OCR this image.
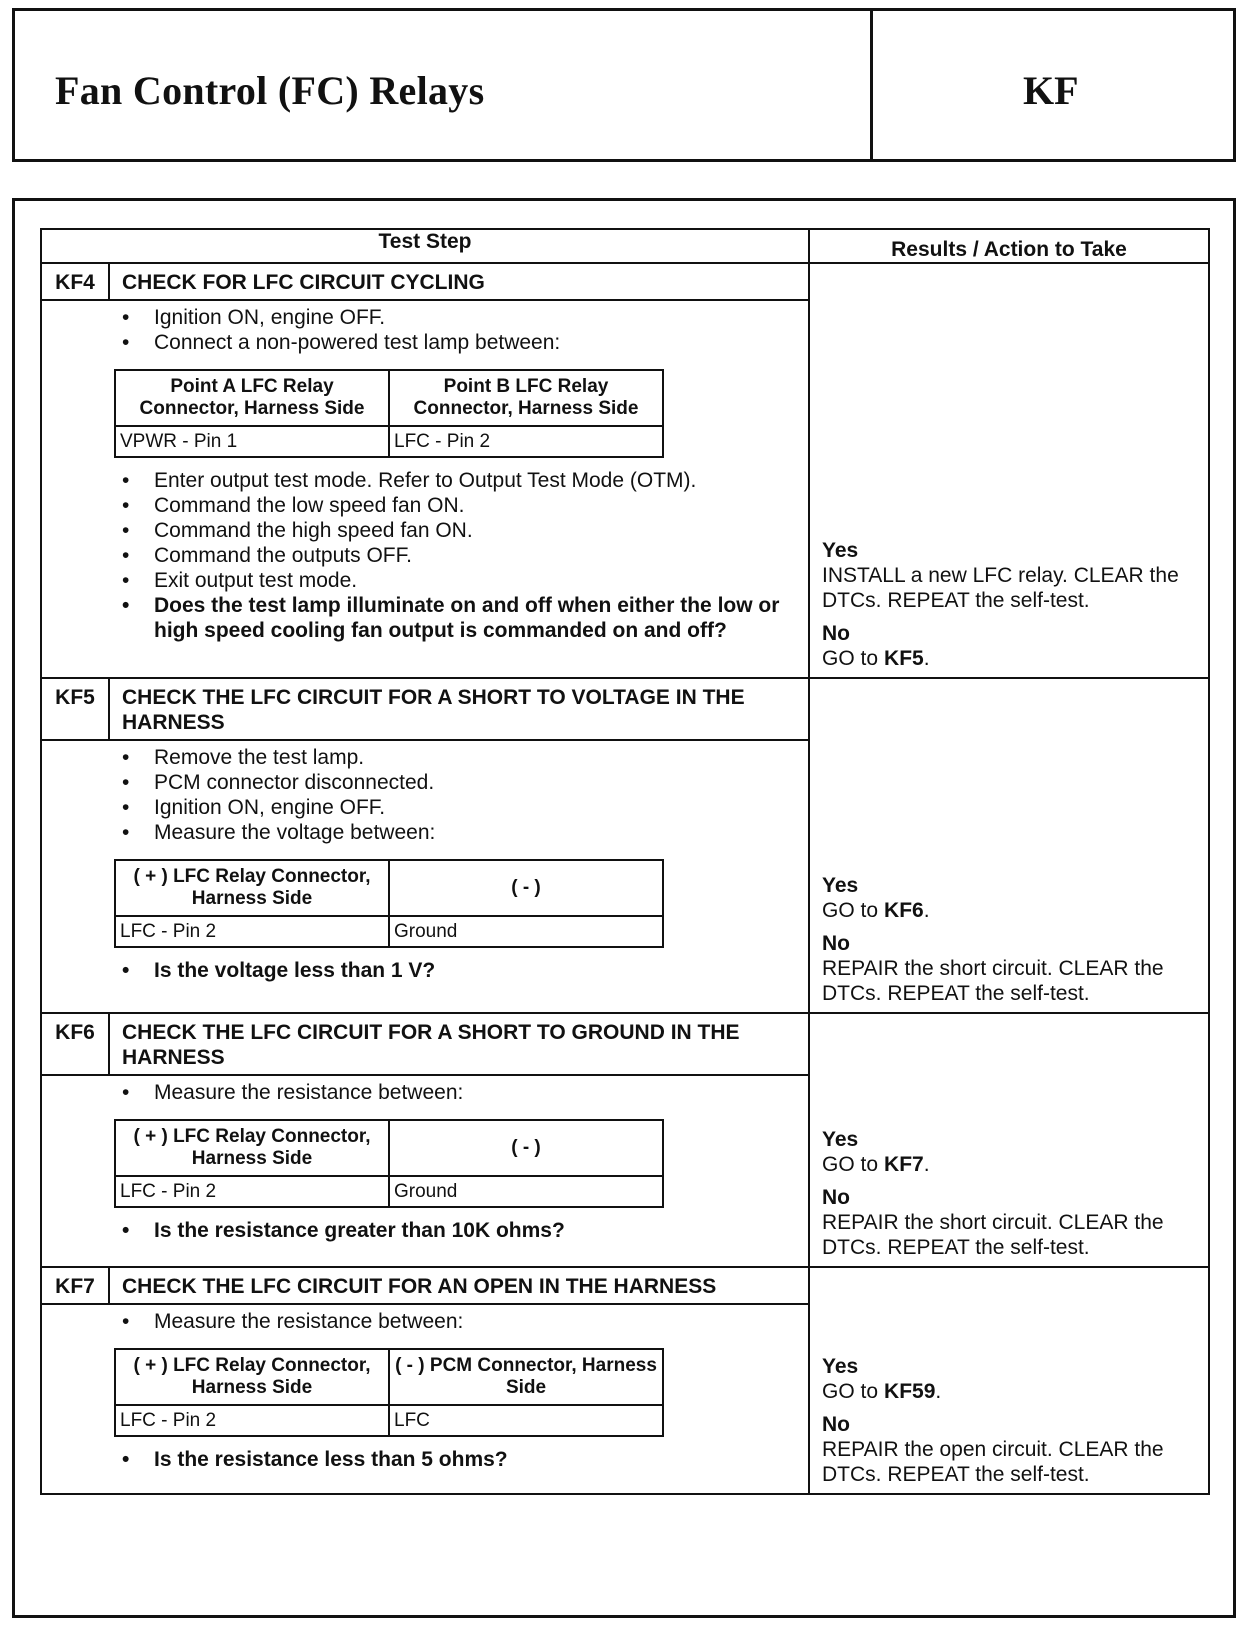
Fan Control (FC) Relays	KF
Test Step	Results / Action to Take

KF4	CHECK FOR LFC CIRCUIT CYCLING
• Ignition ON, engine OFF.
• Connect a non-powered test lamp between:
Point A LFC Relay Connector, Harness Side	Point B LFC Relay Connector, Harness Side
VPWR - Pin 1	LFC - Pin 2
• Enter output test mode. Refer to Output Test Mode (OTM).
• Command the low speed fan ON.
• Command the high speed fan ON.
• Command the outputs OFF.
• Exit output test mode.
• Does the test lamp illuminate on and off when either the low or high speed cooling fan output is commanded on and off?

Yes
INSTALL a new LFC relay. CLEAR the DTCs. REPEAT the self-test.
No
GO to KF5.

KF5	CHECK THE LFC CIRCUIT FOR A SHORT TO VOLTAGE IN THE HARNESS
• Remove the test lamp.
• PCM connector disconnected.
• Ignition ON, engine OFF.
• Measure the voltage between:
( + ) LFC Relay Connector, Harness Side	( - )
LFC - Pin 2	Ground
• Is the voltage less than 1 V?

Yes
GO to KF6.
No
REPAIR the short circuit. CLEAR the DTCs. REPEAT the self-test.

KF6	CHECK THE LFC CIRCUIT FOR A SHORT TO GROUND IN THE HARNESS
• Measure the resistance between:
( + ) LFC Relay Connector, Harness Side	( - )
LFC - Pin 2	Ground
• Is the resistance greater than 10K ohms?

Yes
GO to KF7.
No
REPAIR the short circuit. CLEAR the DTCs. REPEAT the self-test.

KF7	CHECK THE LFC CIRCUIT FOR AN OPEN IN THE HARNESS
• Measure the resistance between:
( + ) LFC Relay Connector, Harness Side	( - ) PCM Connector, Harness Side
LFC - Pin 2	LFC
• Is the resistance less than 5 ohms?

Yes
GO to KF59.
No
REPAIR the open circuit. CLEAR the DTCs. REPEAT the self-test.
